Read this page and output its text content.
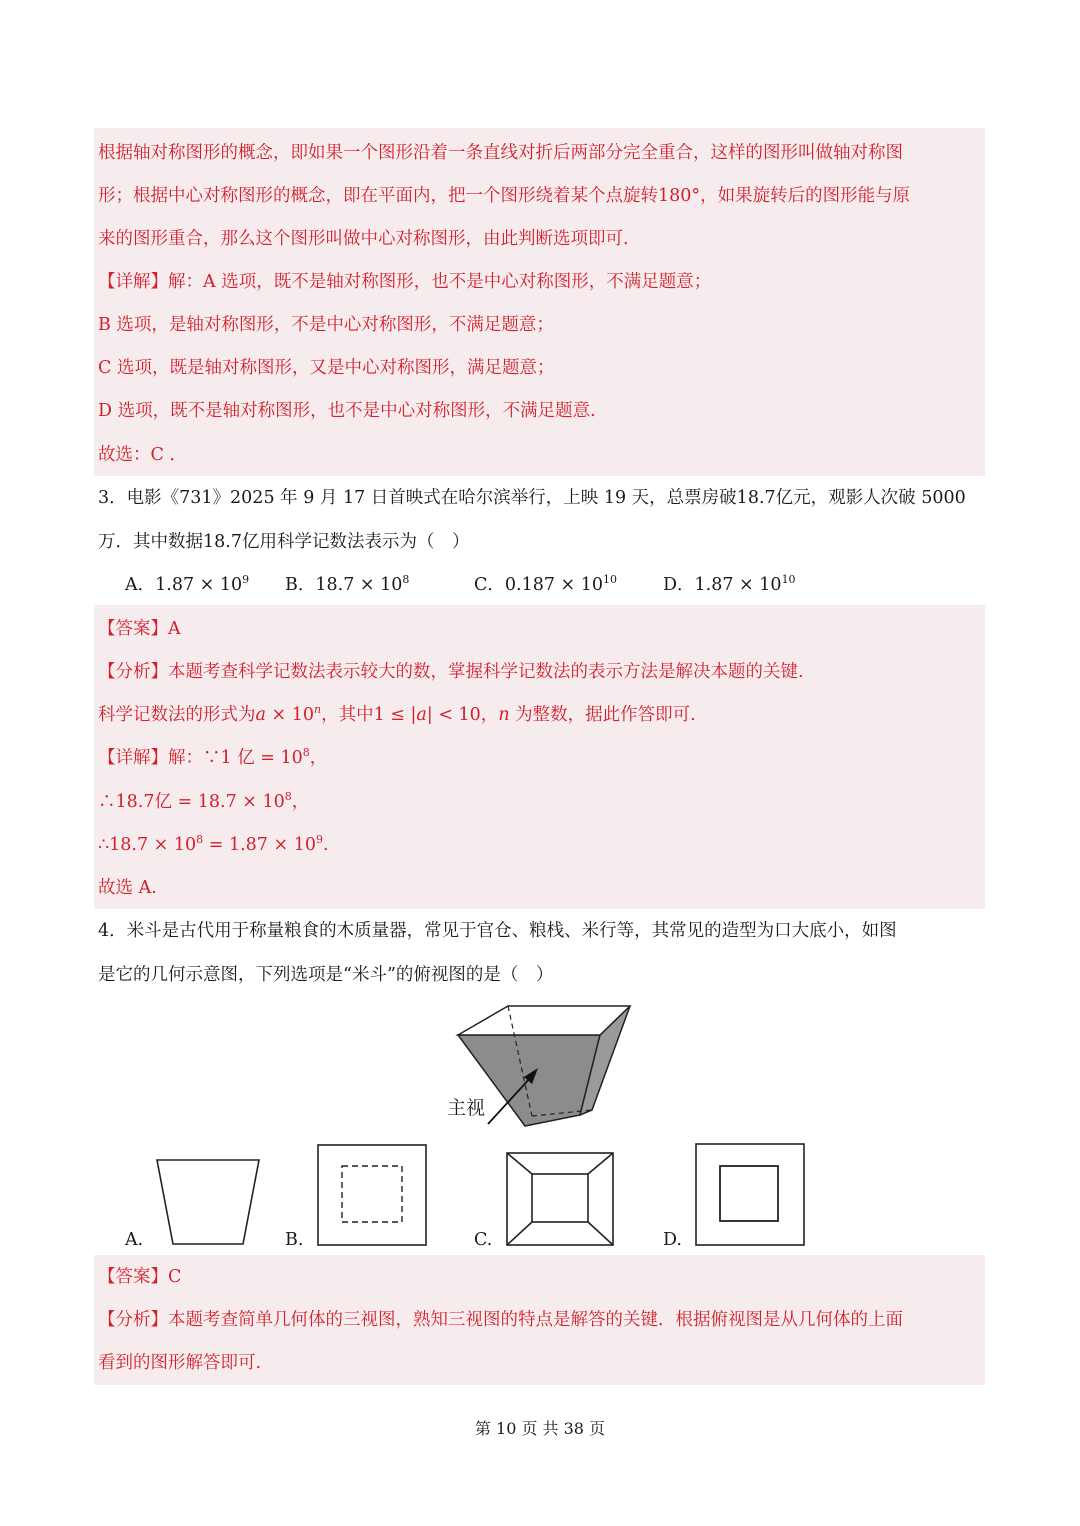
根据轴对称图形的概念，即如果一个图形沿着一条直线对折后两部分完全重合，这样的图形叫做轴对称图
形；根据中心对称图形的概念，即在平面内，把一个图形绕着某个点旋转180°，如果旋转后的图形能与原
来的图形重合，那么这个图形叫做中心对称图形，由此判断选项即可.
【详解】解：A 选项，既不是轴对称图形，也不是中心对称图形，不满足题意；
B 选项，是轴对称图形，不是中心对称图形，不满足题意；
C 选项，既是轴对称图形，又是中心对称图形，满足题意；
D 选项，既不是轴对称图形，也不是中心对称图形，不满足题意.
故选：C ．
3．电影《731》2025 年 9 月 17 日首映式在哈尔滨举行，上映 19 天，总票房破18.7亿元，观影人次破 5000
万．其中数据18.7亿用科学记数法表示为（　）
A．$1.87 \times 10^9$ B．$18.7 \times 10^8$	C．$0.187 \times 10^{10}$	D．$1.87 \times 10^{10}$
【答案】A
【分析】本题考查科学记数法表示较大的数，掌握科学记数法的表示方法是解决本题的关键.
科学记数法的形式为$a \times 10^n$，其中1 ≤ |a| < 10，n 为整数，据此作答即可.
【详解】解：∵1 亿 = $10^8$，
∴18.7亿 = $18.7 \times 10^8$，
∴18.7 × $10^8 = 1.87 \times 10^9$.
故选 A.
4．米斗是古代用于称量粮食的木质量器，常见于官仓、粮栈、米行等，其常见的造型为口大底小，如图
是它的几何示意图，下列选项是“米斗”的俯视图的是（　）
主视
A.	B.	C.	D.
【答案】C
【分析】本题考查简单几何体的三视图，熟知三视图的特点是解答的关键．根据俯视图是从几何体的上面
看到的图形解答即可.
第 10 页 共 38 页
